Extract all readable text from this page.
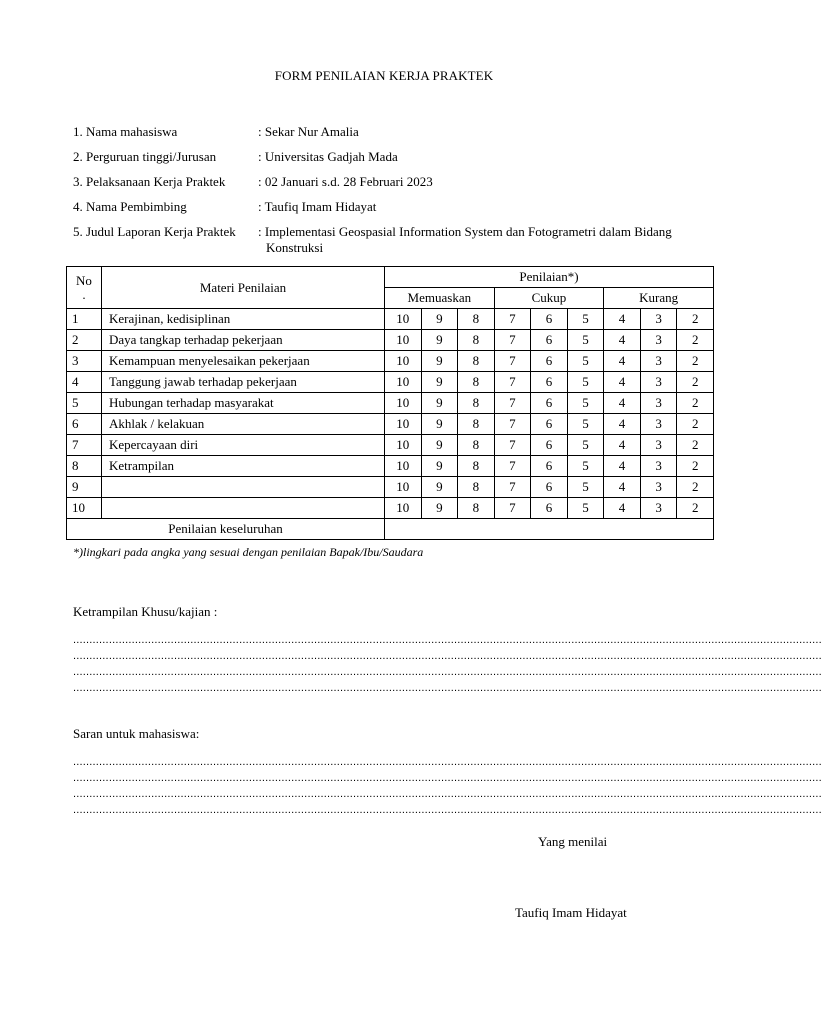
FORM PENILAIAN KERJA PRAKTEK
1. Nama mahasiswa	: Sekar Nur Amalia
2. Perguruan tinggi/Jurusan	: Universitas Gadjah Mada
3. Pelaksanaan Kerja Praktek	: 02 Januari s.d. 28 Februari 2023
4. Nama Pembimbing	: Taufiq Imam Hidayat
5. Judul Laporan Kerja Praktek	: Implementasi Geospasial Information System dan Fotogrametri dalam Bidang
Konstruksi
No
.	Materi Penilaian	Penilaian*)								
		Memuaskan			Cukup			Kurang		
1	Kerajinan, kedisiplinan	10	9	8	7	6	5	4	3	2
2	Daya tangkap terhadap pekerjaan	10	9	8	7	6	5	4	3	2
3	Kemampuan menyelesaikan pekerjaan	10	9	8	7	6	5	4	3	2
4	Tanggung jawab terhadap pekerjaan	10	9	8	7	6	5	4	3	2
5	Hubungan terhadap masyarakat	10	9	8	7	6	5	4	3	2
6	Akhlak / kelakuan	10	9	8	7	6	5	4	3	2
7	Kepercayaan diri	10	9	8	7	6	5	4	3	2
8	Ketrampilan	10	9	8	7	6	5	4	3	2
9		10	9	8	7	6	5	4	3	2
10		10	9	8	7	6	5	4	3	2
Penilaian keseluruhan										
*)lingkari pada angka yang sesuai dengan penilaian Bapak/Ibu/Saudara
Ketrampilan Khusu/kajian :
......................................................................................................................................................................................................................................
......................................................................................................................................................................................................................................
......................................................................................................................................................................................................................................
......................................................................................................................................................................................................................................
Saran untuk mahasiswa:
......................................................................................................................................................................................................................................
......................................................................................................................................................................................................................................
......................................................................................................................................................................................................................................
......................................................................................................................................................................................................................................
Yang menilai
Taufiq Imam Hidayat
